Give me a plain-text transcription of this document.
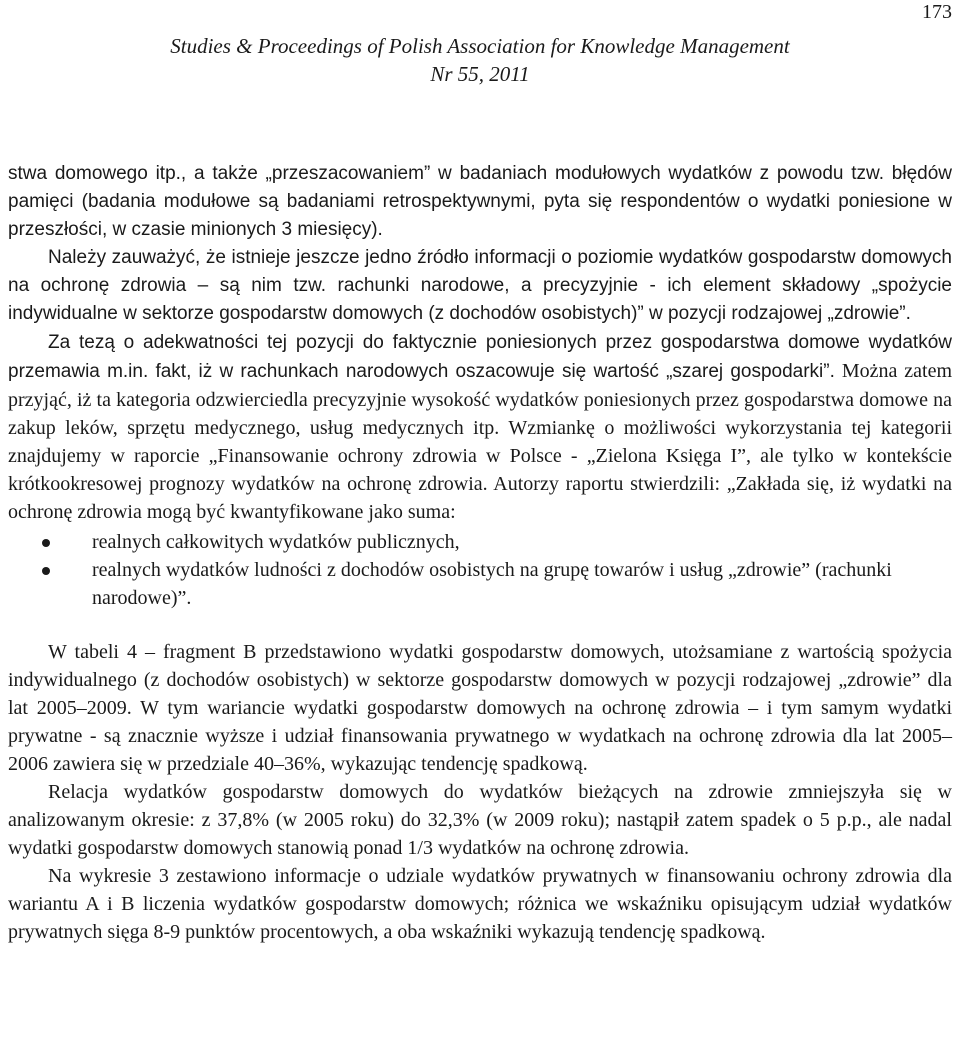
173
Studies & Proceedings of Polish Association for Knowledge Management
Nr 55, 2011

stwa domowego itp., a także „przeszacowaniem” w badaniach modułowych wydatków z powodu tzw. błędów pamięci (badania modułowe są badaniami retrospektywnymi, pyta się respondentów o wydatki poniesione w przeszłości, w czasie minionych 3 miesięcy).

Należy zauważyć, że istnieje jeszcze jedno źródło informacji o poziomie wydatków gospodarstw domowych na ochronę zdrowia – są nim tzw. rachunki narodowe, a precyzyjnie - ich element składowy „spożycie indywidualne w sektorze gospodarstw domowych (z dochodów osobistych)” w pozycji rodzajowej „zdrowie”.

Za tezą o adekwatności tej pozycji do faktycznie poniesionych przez gospodarstwa domowe wydatków przemawia m.in. fakt, iż w rachunkach narodowych oszacowuje się wartość „szarej gospodarki”. Można zatem przyjąć, iż ta kategoria odzwierciedla precyzyjnie wysokość wydatków poniesionych przez gospodarstwa domowe na zakup leków, sprzętu medycznego, usług medycznych itp. Wzmiankę o możliwości wykorzystania tej kategorii znajdujemy w raporcie „Finansowanie ochrony zdrowia w Polsce - „Zielona Księga I”, ale tylko w kontekście krótkookresowej prognozy wydatków na ochronę zdrowia. Autorzy raportu stwierdzili: „Zakłada się, iż wydatki na ochronę zdrowia mogą być kwantyfikowane jako suma:

realnych całkowitych wydatków publicznych,
realnych wydatków ludności z dochodów osobistych na grupę towarów i usług „zdrowie” (rachunki narodowe)”.

W tabeli 4 – fragment B przedstawiono wydatki gospodarstw domowych, utożsamiane z wartością spożycia indywidualnego (z dochodów osobistych) w sektorze gospodarstw domowych w pozycji rodzajowej „zdrowie” dla lat 2005–2009. W tym wariancie wydatki gospodarstw domowych na ochronę zdrowia – i tym samym wydatki prywatne - są znacznie wyższe i udział finansowania prywatnego w wydatkach na ochronę zdrowia dla lat 2005–2006 zawiera się w przedziale 40–36%, wykazując tendencję spadkową.

Relacja wydatków gospodarstw domowych do wydatków bieżących na zdrowie zmniejszyła się w analizowanym okresie: z 37,8% (w 2005 roku) do 32,3% (w 2009 roku); nastąpił zatem spadek o 5 p.p., ale nadal wydatki gospodarstw domowych stanowią ponad 1/3 wydatków na ochronę zdrowia.

Na wykresie 3 zestawiono informacje o udziale wydatków prywatnych w finansowaniu ochrony zdrowia dla wariantu A i B liczenia wydatków gospodarstw domowych; różnica we wskaźniku opisującym udział wydatków prywatnych sięga 8-9 punktów procentowych, a oba wskaźniki wykazują tendencję spadkową.
